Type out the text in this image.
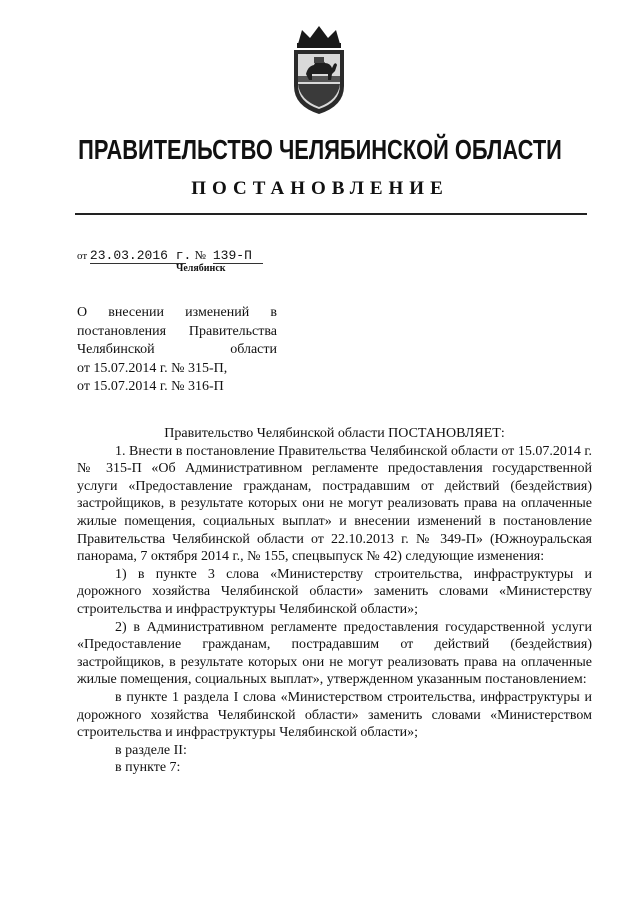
ПРАВИТЕЛЬСТВО ЧЕЛЯБИНСКОЙ ОБЛАСТИ
ПОСТАНОВЛЕНИЕ
от 23.03.2016 г. № 139-П
Челябинск
О внесении изменений в
постановления Правительства
Челябинской области
от 15.07.2014 г. № 315-П,
от 15.07.2014 г. № 316-П

Правительство Челябинской области ПОСТАНОВЛЯЕТ:

1. Внести в постановление Правительства Челябинской области от 15.07.2014 г. № 315-П «Об Административном регламенте предоставления государственной услуги «Предоставление гражданам, пострадавшим от действий (бездействия) застройщиков, в результате которых они не могут реализовать права на оплаченные жилые помещения, социальных выплат» и внесении изменений в постановление Правительства Челябинской области от 22.10.2013 г. № 349-П» (Южноуральская панорама, 7 октября 2014 г., № 155, спецвыпуск № 42) следующие изменения:

1) в пункте 3 слова «Министерству строительства, инфраструктуры и дорожного хозяйства Челябинской области» заменить словами «Министерству строительства и инфраструктуры Челябинской области»;

2) в Административном регламенте предоставления государственной услуги «Предоставление гражданам, пострадавшим от действий (бездействия) застройщиков, в результате которых они не могут реализовать права на оплаченные жилые помещения, социальных выплат», утвержденном указанным постановлением:

в пункте 1 раздела I слова «Министерством строительства, инфраструктуры и дорожного хозяйства Челябинской области» заменить словами «Министерством строительства и инфраструктуры Челябинской области»;

в разделе II:

в пункте 7:
